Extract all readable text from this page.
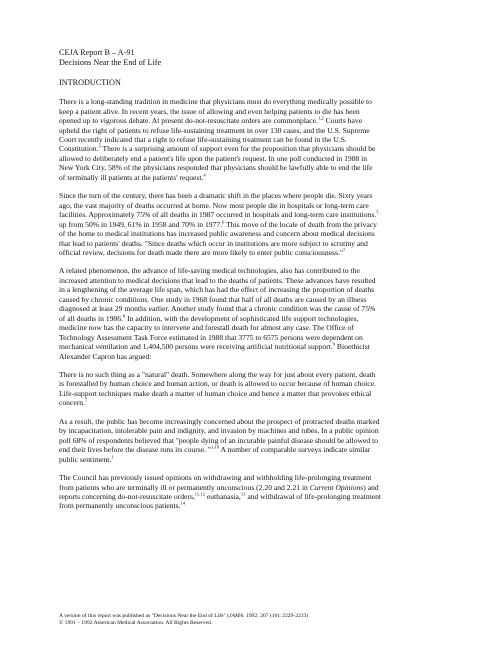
CEJA Report B – A-91
Decisions Near the End of Life
INTRODUCTION
There is a long-standing tradition in medicine that physicians must do everything medically possible to
keep a patient alive. In recent years, the issue of allowing and even helping patients to die has been
opened up to vigorous debate. At present do-not-resuscitate orders are commonplace.$^{1,2}$ Courts have
upheld the right of patients to refuse life-sustaining treatment in over 130 cases, and the U.S. Supreme
Court recently indicated that a right to refuse life-sustaining treatment can be found in the U.S.
Constitution.$^3$ There is a surprising amount of support even for the proposition that physicians should be
allowed to deliberately end a patient's life upon the patient's request. In one poll conducted in 1988 in
New York City, 58% of the physicians responded that physicians should be lawfully able to end the life
of terminally ill patients at the patients' request.$^4$
Since the turn of the century, there has been a dramatic shift in the places where people die. Sixty years
ago, the vast majority of deaths occurred at home. Now most people die in hospitals or long-term care
facilities. Approximately 75% of all deaths in 1987 occurred in hospitals and long-term care institutions.$^5$
up from 50% in 1949, 61% in 1958 and 70% in 1977.$^6$ This move of the locale of death from the privacy
of the home to medical institutions has increased public awareness and concern about medical decisions
that lead to patients' deaths. "Since deaths which occur in institutions are more subject to scrutiny and
official review, decisions for death made there are more likely to enter public consciousness."$^7$
A related phenomenon, the advance of life-saving medical technologies, also has contributed to the
increased attention to medical decisions that lead to the deaths of patients. These advances have resulted
in a lengthening of the average life span, which has had the effect of increasing the proportion of deaths
caused by chronic conditions. One study in 1968 found that half of all deaths are caused by an illness
diagnosed at least 29 months earlier. Another study found that a chronic condition was the cause of 75%
of all deaths in 1986.$^8$ In addition, with the development of sophisticated life support technologies,
medicine now has the capacity to intervene and forestall death for almost any case. The Office of
Technology Assessment Task Force estimated in 1988 that 3775 to 6575 persons were dependent on
mechanical ventilation and 1,404,500 persons were receiving artificial nutritional support.$^9$ Bioethicist
Alexander Capron has argued:
There is no such thing as a "natural" death. Somewhere along the way for just about every patient, death
is forestalled by human choice and human action, or death is allowed to occur because of human choice.
Life-support techniques make death a matter of human choice and hence a matter that provokes ethical
concern.$^7$
As a result, the public has become increasingly concerned about the prospect of protracted deaths marked
by incapacitation, intolerable pain and indignity, and invasion by machines and tubes. In a public opinion
poll 68% of respondents believed that "people dying of an incurable painful disease should be allowed to
end their lives before the disease runs its course. "$^{1,10}$ A number of comparable surveys indicate similar
public sentiment.$^1$
The Council has previously issued opinions on withdrawing and withholding life-prolonging treatment
from patients who are terminally ill or permanently unconscious (2.20 and 2.21 in Current Opinions) and
reports concerning do-not-resuscitate orders,$^{11,12}$ euthanasia,$^{13}$ and withdrawal of life-prolonging treatment
from permanently unconscious patients.$^{14}$
A version of this report was published as "Decisions Near the End of Life" (JAMA. 1992; 267 (16): 2229-2233)
© 1991 – 1992 American Medical Association. All Rights Reserved.
